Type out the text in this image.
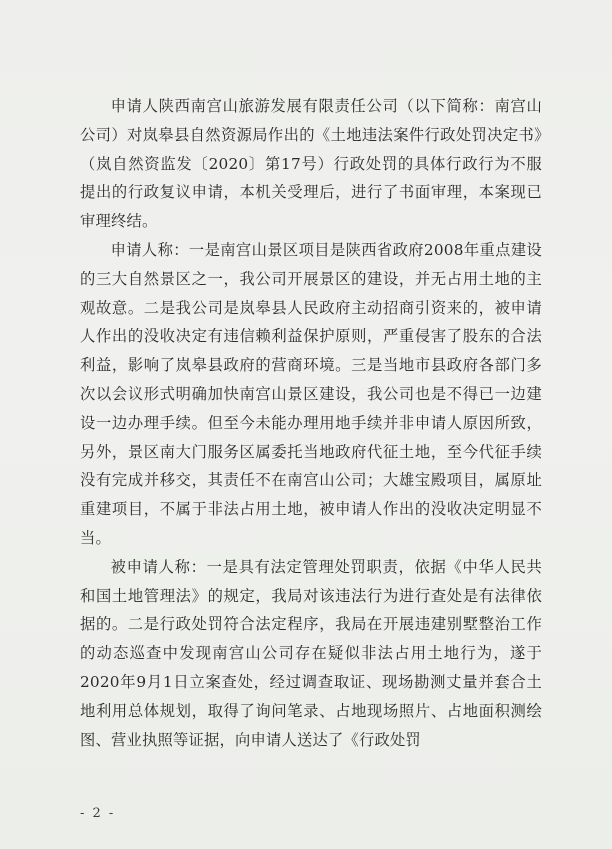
申请人陕西南宫山旅游发展有限责任公司（以下简称：南宫山公司）对岚皋县自然资源局作出的《土地违法案件行政处罚决定书》（岚自然资监发〔2020〕第17号）行政处罚的具体行政行为不服提出的行政复议申请，本机关受理后，进行了书面审理，本案现已审理终结。

申请人称：一是南宫山景区项目是陕西省政府2008年重点建设的三大自然景区之一，我公司开展景区的建设，并无占用土地的主观故意。二是我公司是岚皋县人民政府主动招商引资来的，被申请人作出的没收决定有违信赖利益保护原则，严重侵害了股东的合法利益，影响了岚皋县政府的营商环境。三是当地市县政府各部门多次以会议形式明确加快南宫山景区建设，我公司也是不得已一边建设一边办理手续。但至今未能办理用地手续并非申请人原因所致，另外，景区南大门服务区属委托当地政府代征土地，至今代征手续没有完成并移交，其责任不在南宫山公司；大雄宝殿项目，属原址重建项目，不属于非法占用土地，被申请人作出的没收决定明显不当。

被申请人称：一是具有法定管理处罚职责，依据《中华人民共和国土地管理法》的规定，我局对该违法行为进行查处是有法律依据的。二是行政处罚符合法定程序，我局在开展违建别墅整治工作的动态巡查中发现南宫山公司存在疑似非法占用土地行为，遂于2020年9月1日立案查处，经过调查取证、现场勘测丈量并套合土地利用总体规划，取得了询问笔录、占地现场照片、占地面积测绘图、营业执照等证据，向申请人送达了《行政处罚

- 2 -
